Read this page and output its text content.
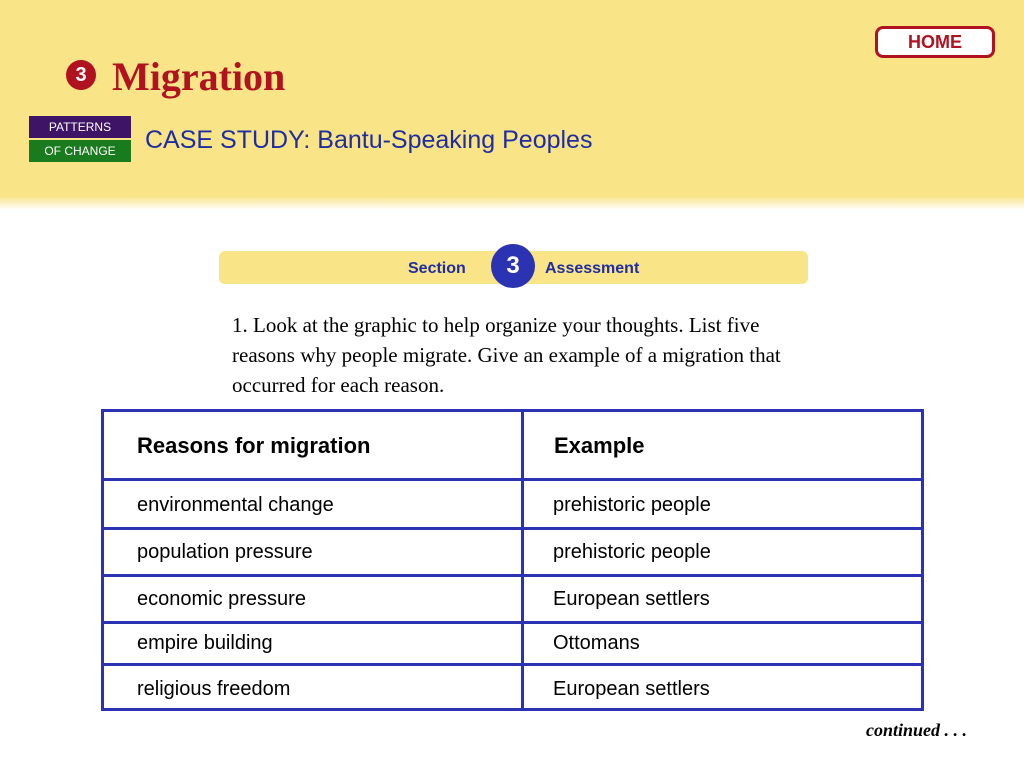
3 Migration
HOME
PATTERNS
OF CHANGE	CASE STUDY: Bantu-Speaking Peoples
Section	3	Assessment
1. Look at the graphic to help organize your thoughts. List five reasons why people migrate. Give an example of a migration that occurred for each reason.
Reasons for migration	Example
environmental change	prehistoric people
population pressure	prehistoric people
economic pressure	European settlers
empire building	Ottomans
religious freedom	European settlers
continued . . .
